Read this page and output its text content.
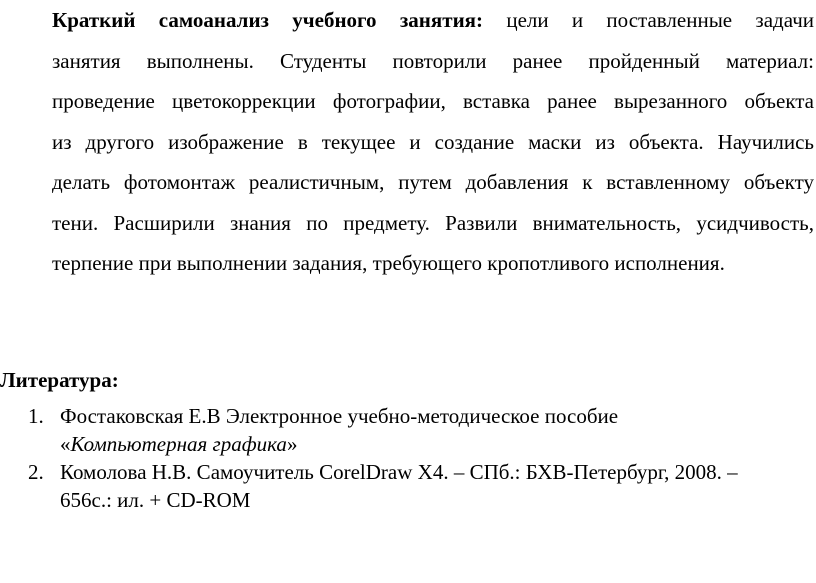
Краткий самоанализ учебного занятия: цели и поставленные задачи
занятия выполнены. Студенты повторили ранее пройденный материал:
проведение цветокоррекции фотографии, вставка ранее вырезанного объекта
из другого изображение в текущее и создание маски из объекта. Научились
делать фотомонтаж реалистичным, путем добавления к вставленному объекту
тени. Расширили знания по предмету. Развили внимательность, усидчивость,
терпение при выполнении задания, требующего кропотливого исполнения.
Литература:
1. Фостаковская Е.В Электронное учебно-методическое пособие
«Компьютерная графика»
2. Комолова Н.В. Самоучитель CorelDraw X4. – СПб.: БХВ-Петербург, 2008. –
656с.: ил. + CD-ROM
